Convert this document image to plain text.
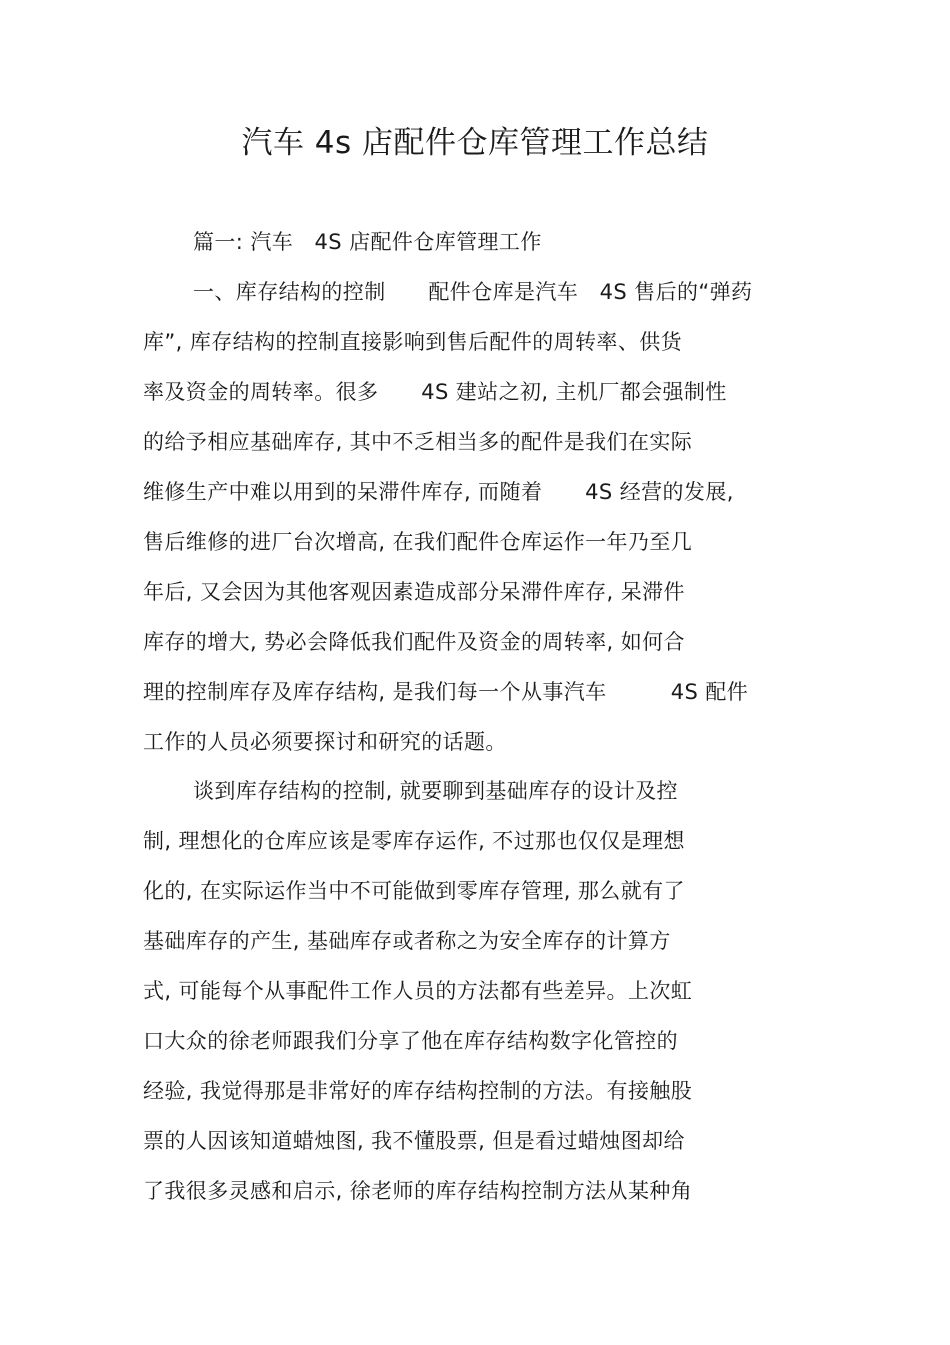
汽车 4s 店配件仓库管理工作总结
篇一: 汽车　4S 店配件仓库管理工作
一、库存结构的控制　　配件仓库是汽车　4S 售后的“弹药
库”, 库存结构的控制直接影响到售后配件的周转率、供货
率及资金的周转率。很多　　4S 建站之初, 主机厂都会强制性
的给予相应基础库存, 其中不乏相当多的配件是我们在实际
维修生产中难以用到的呆滞件库存, 而随着　　4S 经营的发展,
售后维修的进厂台次增高, 在我们配件仓库运作一年乃至几
年后, 又会因为其他客观因素造成部分呆滞件库存, 呆滞件
库存的增大, 势必会降低我们配件及资金的周转率, 如何合
理的控制库存及库存结构, 是我们每一个从事汽车　　　4S 配件
工作的人员必须要探讨和研究的话题。
谈到库存结构的控制, 就要聊到基础库存的设计及控
制, 理想化的仓库应该是零库存运作, 不过那也仅仅是理想
化的, 在实际运作当中不可能做到零库存管理, 那么就有了
基础库存的产生, 基础库存或者称之为安全库存的计算方
式, 可能每个从事配件工作人员的方法都有些差异。上次虹
口大众的徐老师跟我们分享了他在库存结构数字化管控的
经验, 我觉得那是非常好的库存结构控制的方法。有接触股
票的人因该知道蜡烛图, 我不懂股票, 但是看过蜡烛图却给
了我很多灵感和启示, 徐老师的库存结构控制方法从某种角
